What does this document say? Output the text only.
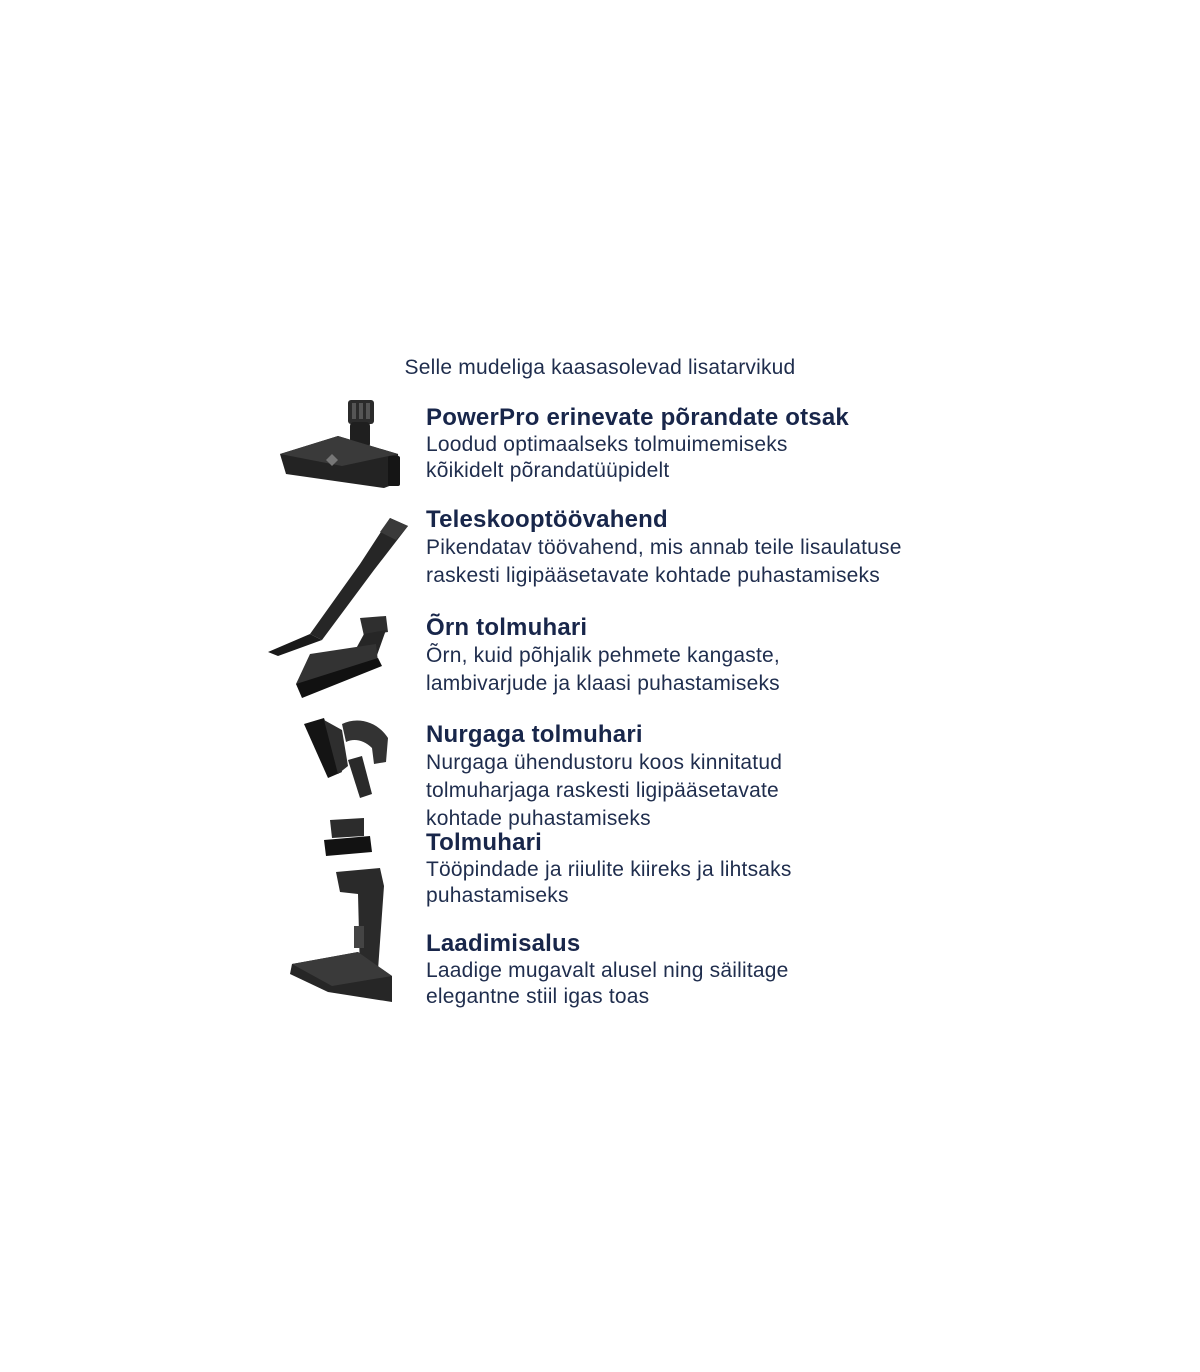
Selle mudeliga kaasasolevad lisatarvikud
PowerPro erinevate põrandate otsak
Loodud optimaalseks tolmuimemiseks kõikidelt põrandatüüpidelt
Teleskooptöövahend
Pikendatav töövahend, mis annab teile lisaulatuse raskesti ligipääsetavate kohtade puhastamiseks
Õrn tolmuhari
Õrn, kuid põhjalik pehmete kangaste, lambivarjude ja klaasi puhastamiseks
Nurgaga tolmuhari
Nurgaga ühendustoru koos kinnitatud tolmuharjaga raskesti ligipääsetavate kohtade puhastamiseks
Tolmuhari
Tööpindade ja riiulite kiireks ja lihtsaks puhastamiseks
Laadimisalus
Laadige mugavalt alusel ning säilitage elegantne stiil igas toas
